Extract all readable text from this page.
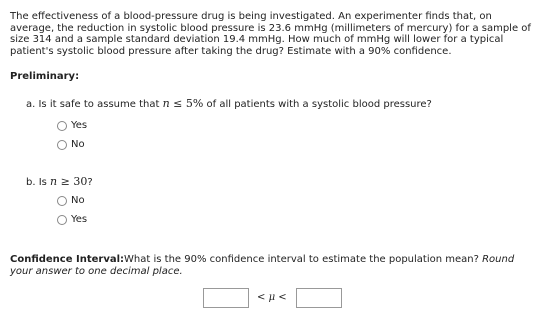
The effectiveness of a blood-pressure drug is being investigated. An experimenter finds that, on average, the reduction in systolic blood pressure is 23.6 mmHg (millimeters of mercury) for a sample of size 314 and a sample standard deviation 19.4 mmHg. How much of mmHg will lower for a typical patient's systolic blood pressure after taking the drug? Estimate with a 90% confidence.
Preliminary:
a. Is it safe to assume that n ≤ 5% of all patients with a systolic blood pressure?
Yes
No
b. Is n ≥ 30?
No
Yes
Confidence Interval:What is the 90% confidence interval to estimate the population mean? Round your answer to one decimal place.
< μ <
